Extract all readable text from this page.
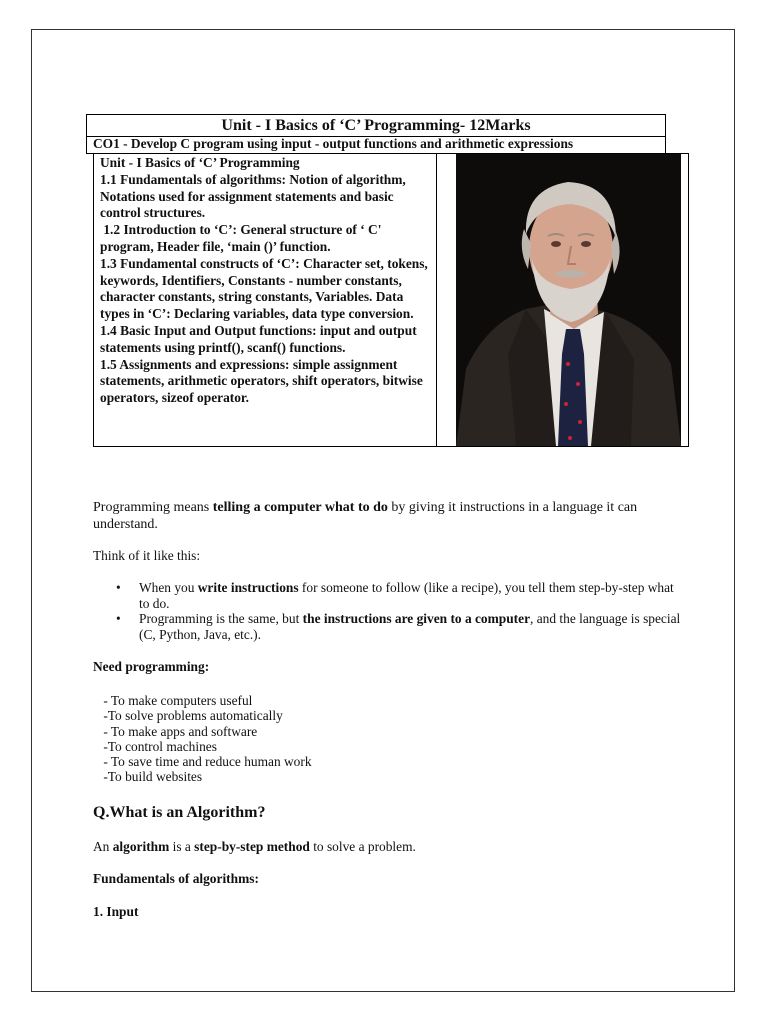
Unit - I Basics of ‘C’ Programming- 12Marks
CO1 - Develop C program using input - output functions and arithmetic expressions

Unit - I Basics of ‘C’ Programming

1.1 Fundamentals of algorithms: Notion of algorithm, Notations used for assignment statements and basic control structures.

1.2 Introduction to ‘C’: General structure of ‘ C' program, Header file, ‘main ()’ function.

1.3 Fundamental constructs of ‘C’: Character set, tokens, keywords, Identifiers, Constants - number constants, character constants, string constants, Variables. Data types in ‘C’: Declaring variables, data type conversion.

1.4 Basic Input and Output functions: input and output statements using printf(), scanf() functions.

1.5 Assignments and expressions: simple assignment statements, arithmetic operators, shift operators, bitwise operators, sizeof operator.

Programming means telling a computer what to do by giving it instructions in a language it can understand.
Think of it like this:
• When you write instructions for someone to follow (like a recipe), you tell them step-by-step what to do.
• Programming is the same, but the instructions are given to a computer, and the language is special (C, Python, Java, etc.).
Need programming:
- To make computers useful
-To solve problems automatically
- To make apps and software
-To control machines
- To save time and reduce human work
-To build websites
Q.What is an Algorithm?
An algorithm is a step-by-step method to solve a problem.
Fundamentals of algorithms:
1. Input
